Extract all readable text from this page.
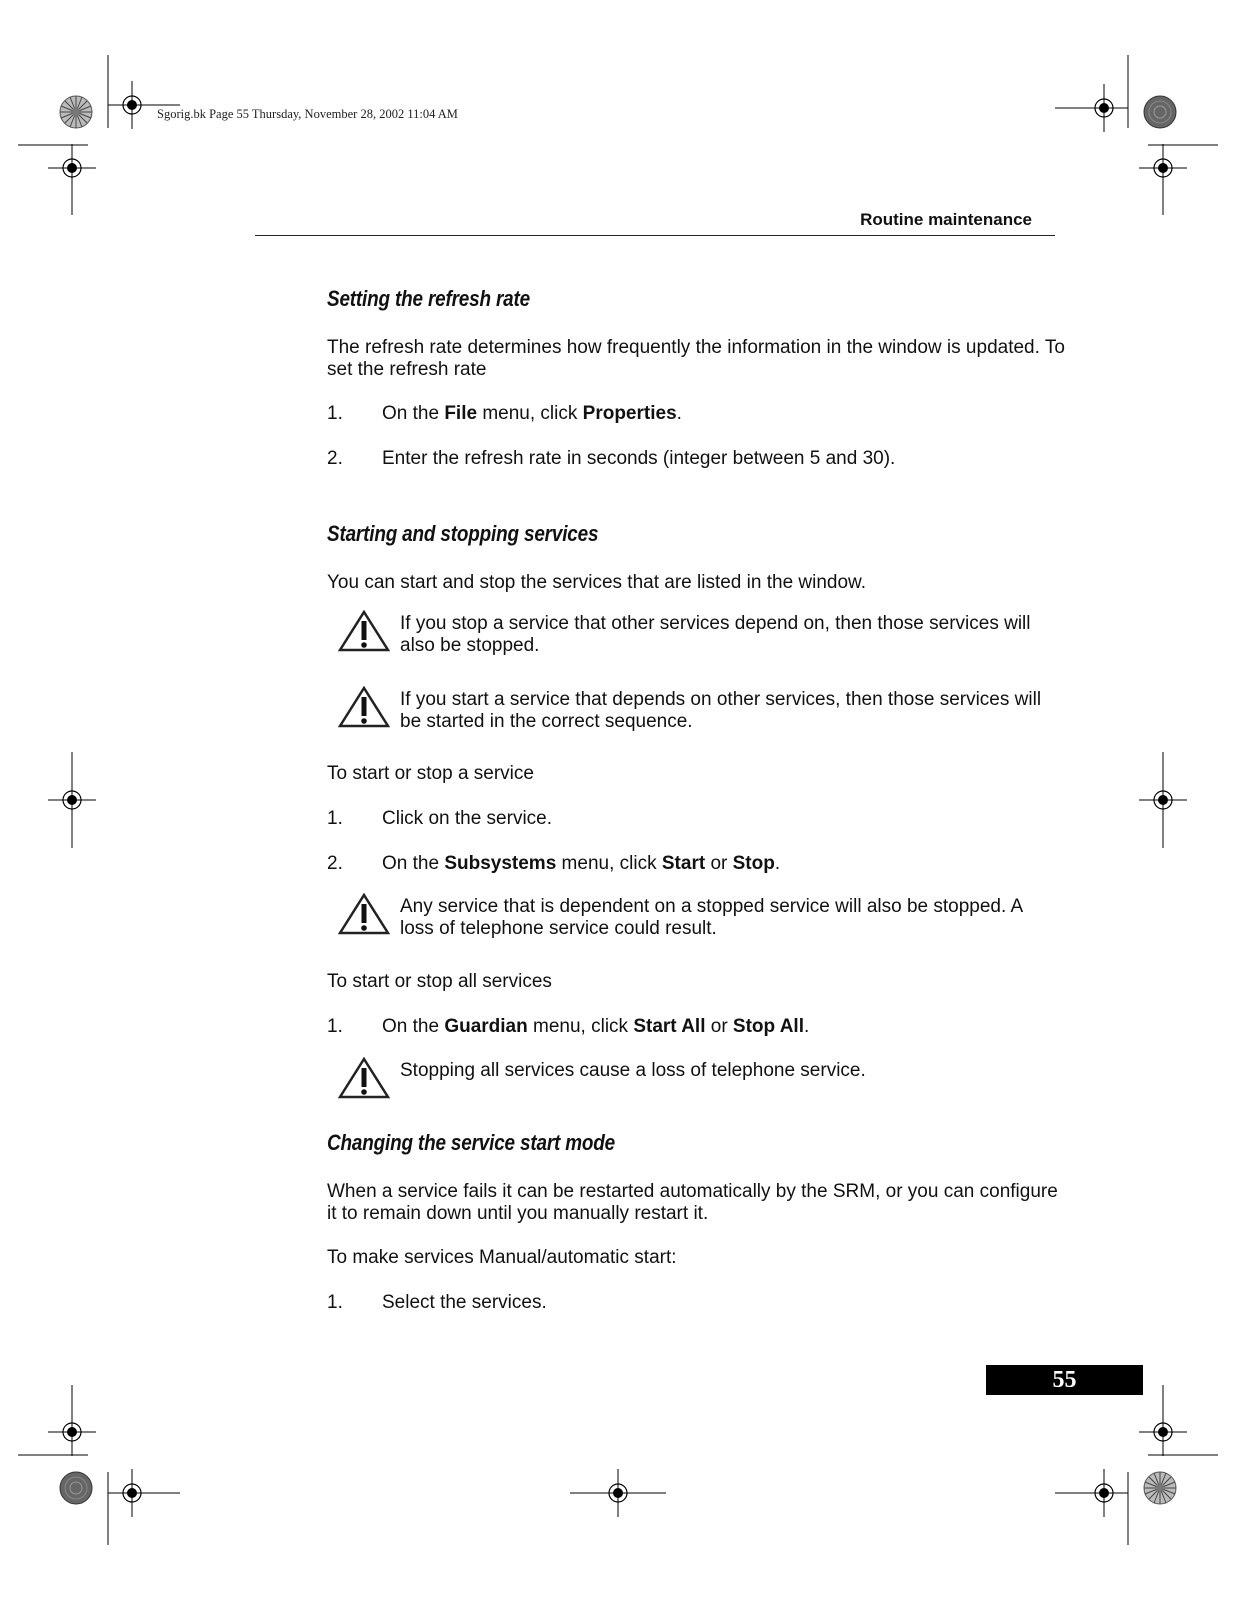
Sgorig.bk Page 55 Thursday, November 28, 2002 11:04 AM
Routine maintenance
Setting the refresh rate
The refresh rate determines how frequently the information in the window is updated. To set the refresh rate
1. On the File menu, click Properties.
2. Enter the refresh rate in seconds (integer between 5 and 30).
Starting and stopping services
You can start and stop the services that are listed in the window.
If you stop a service that other services depend on, then those services will also be stopped.
If you start a service that depends on other services, then those services will be started in the correct sequence.
To start or stop a service
1. Click on the service.
2. On the Subsystems menu, click Start or Stop.
Any service that is dependent on a stopped service will also be stopped. A loss of telephone service could result.
To start or stop all services
1. On the Guardian menu, click Start All or Stop All.
Stopping all services cause a loss of telephone service.
Changing the service start mode
When a service fails it can be restarted automatically by the SRM, or you can configure it to remain down until you manually restart it.
To make services Manual/automatic start:
1. Select the services.
55
